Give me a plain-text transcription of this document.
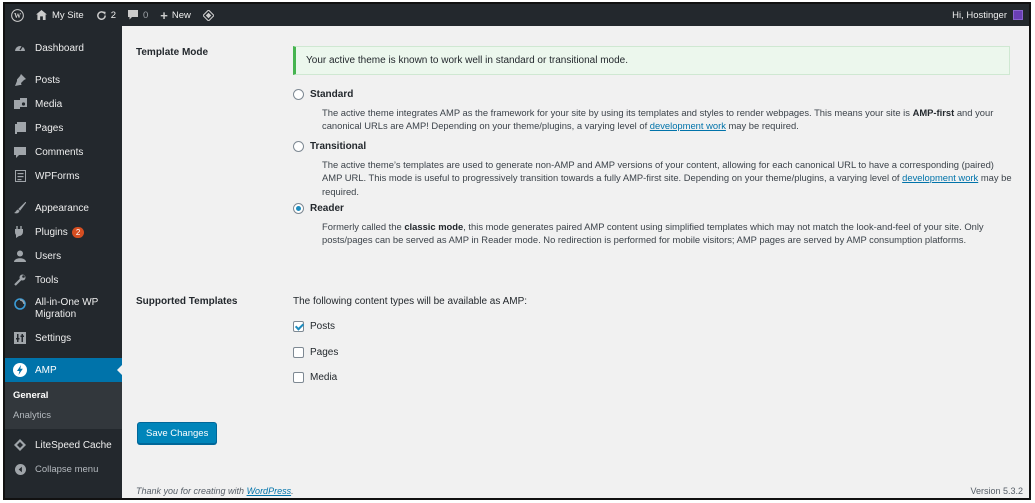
W	My Site	2	0 + New	Hi, Hostinger
Dashboard
Posts
Media
Pages
Comments
WPForms
Appearance
Plugins	2
Users
Tools
All-in-One WP
Migration
Settings
AMP
General
Analytics
LiteSpeed Cache
Collapse menu
Template Mode
Your active theme is known to work well in standard or transitional mode.
Standard
The active theme integrates AMP as the framework for your site by using its templates and styles to render webpages. This means your site is AMP-first and your canonical URLs are AMP! Depending on your theme/plugins, a varying level of development work may be required.
Transitional
The active theme’s templates are used to generate non-AMP and AMP versions of your content, allowing for each canonical URL to have a corresponding (paired) AMP URL. This mode is useful to progressively transition towards a fully AMP-first site. Depending on your theme/plugins, a varying level of development work may be required.
Reader
Formerly called the classic mode, this mode generates paired AMP content using simplified templates which may not match the look-and-feel of your site. Only posts/pages can be served as AMP in Reader mode. No redirection is performed for mobile visitors; AMP pages are served by AMP consumption platforms.
Supported Templates	The following content types will be available as AMP:
Posts
Pages
Media
Save Changes
Thank you for creating with WordPress.	Version 5.3.2
